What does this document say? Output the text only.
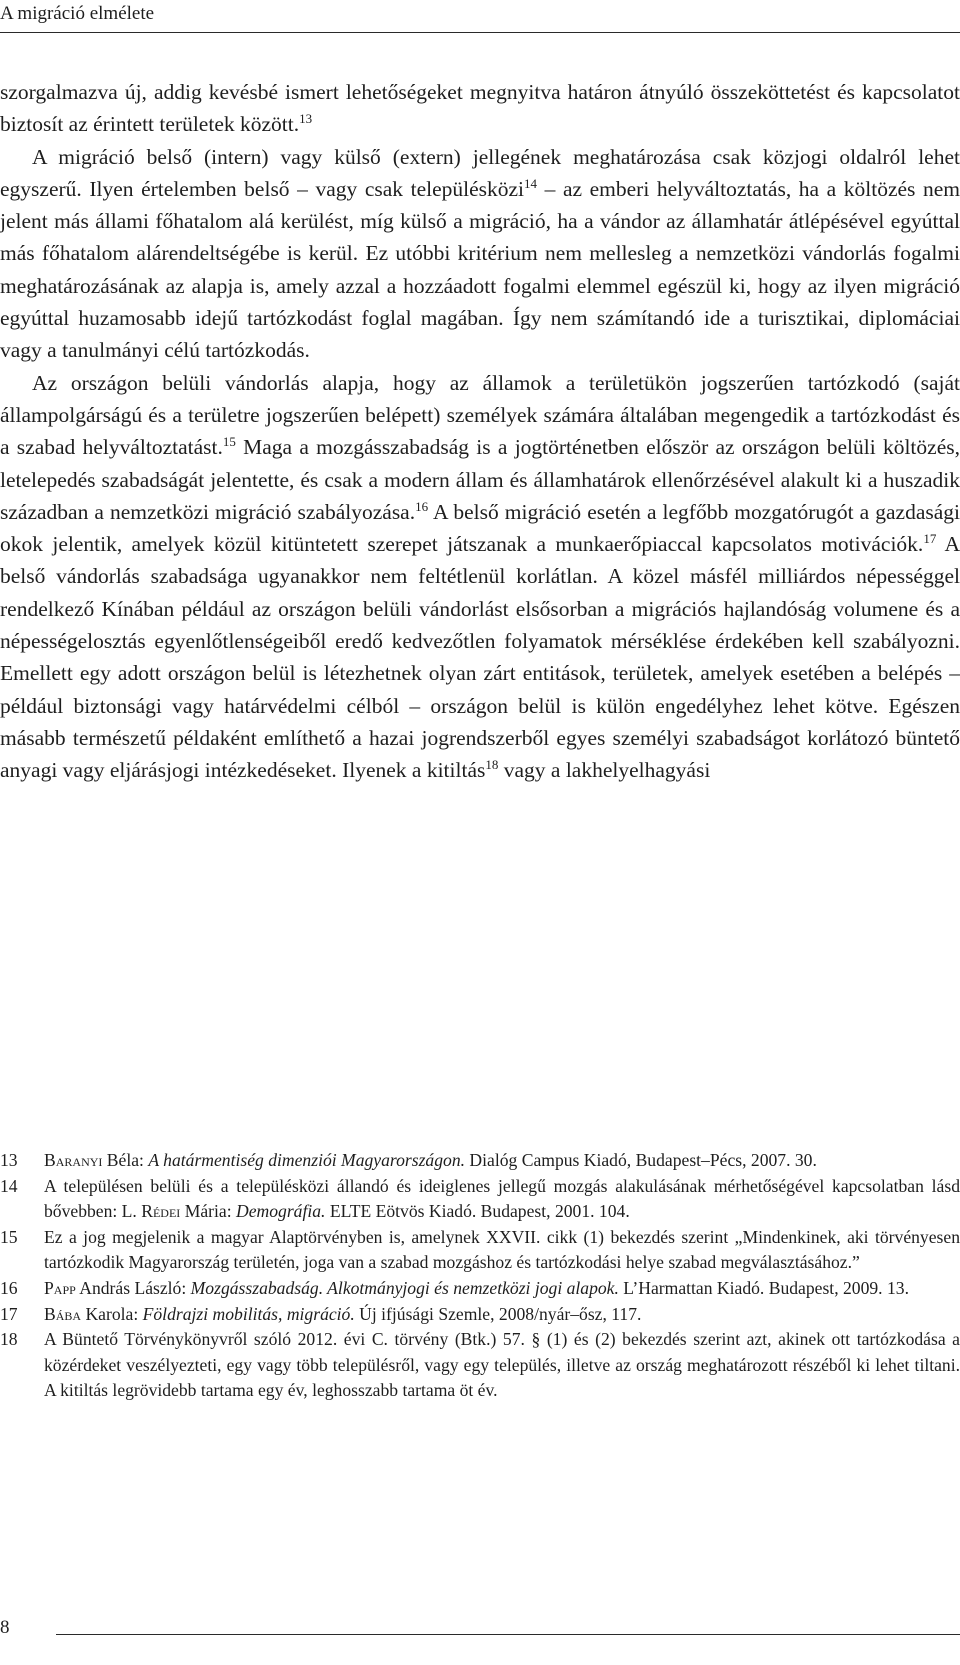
A migráció elmélete

szorgalmazva új, addig kevésbé ismert lehetőségeket megnyitva határon átnyúló összeköttetést és kapcsolatot biztosít az érintett területek között.$^{13}$

A migráció belső (intern) vagy külső (extern) jellegének meghatározása csak közjogi oldalról lehet egyszerű. Ilyen értelemben belső – vagy csak településközi$^{14}$ – az emberi helyváltoztatás, ha a költözés nem jelent más állami főhatalom alá kerülést, míg külső a migráció, ha a vándor az államhatár átlépésével egyúttal más főhatalom alárendeltségébe is kerül. Ez utóbbi kritérium nem mellesleg a nemzetközi vándorlás fogalmi meghatározásának az alapja is, amely azzal a hozzáadott fogalmi elemmel egészül ki, hogy az ilyen migráció egyúttal huzamosabb idejű tartózkodást foglal magában. Így nem számítandó ide a turisztikai, diplomáciai vagy a tanulmányi célú tartózkodás.

Az országon belüli vándorlás alapja, hogy az államok a területükön jogszerűen tartózkodó (saját állampolgárságú és a területre jogszerűen belépett) személyek számára általában megengedik a tartózkodást és a szabad helyváltoztatást.$^{15}$ Maga a mozgásszabadság is a jogtörténetben először az országon belüli költözés, letelepedés szabadságát jelentette, és csak a modern állam és államhatárok ellenőrzésével alakult ki a huszadik században a nemzetközi migráció szabályozása.$^{16}$ A belső migráció esetén a legfőbb mozgatórugót a gazdasági okok jelentik, amelyek közül kitüntetett szerepet játszanak a munkaerőpiaccal kapcsolatos motivációk.$^{17}$ A belső vándorlás szabadsága ugyanakkor nem feltétlenül korlátlan. A közel másfél milliárdos népességgel rendelkező Kínában például az országon belüli vándorlást elsősorban a migrációs hajlandóság volumene és a népességelosztás egyenlőtlenségeiből eredő kedvezőtlen folyamatok mérséklése érdekében kell szabályozni. Emellett egy adott országon belül is létezhetnek olyan zárt entitások, területek, amelyek esetében a belépés – például biztonsági vagy határvédelmi célból – országon belül is külön engedélyhez lehet kötve. Egészen másabb természetű példaként említhető a hazai jogrendszerből egyes személyi szabadságot korlátozó büntető anyagi vagy eljárásjogi intézkedéseket. Ilyenek a kitiltás$^{18}$ vagy a lakhelyelhagyási

13	Baranyi Béla: A határmentiség dimenziói Magyarországon. Dialóg Campus Kiadó, Budapest–Pécs, 2007. 30.
14	A településen belüli és a településközi állandó és ideiglenes jellegű mozgás alakulásának mérhetőségével kapcsolatban lásd bővebben: L. Rédei Mária: Demográfia. ELTE Eötvös Kiadó. Budapest, 2001. 104.
15	Ez a jog megjelenik a magyar Alaptörvényben is, amelynek XXVII. cikk (1) bekezdés szerint „Mindenkinek, aki törvényesen tartózkodik Magyarország területén, joga van a szabad mozgáshoz és tartózkodási helye szabad megválasztásához.”
16	Papp András László: Mozgásszabadság. Alkotmányjogi és nemzetközi jogi alapok. L’Harmattan Kiadó. Budapest, 2009. 13.
17	Bába Karola: Földrajzi mobilitás, migráció. Új ifjúsági Szemle, 2008/nyár–ősz, 117.
18	A Büntető Törvénykönyvről szóló 2012. évi C. törvény (Btk.) 57. § (1) és (2) bekezdés szerint azt, akinek ott tartózkodása a közérdeket veszélyezteti, egy vagy több településről, vagy egy település, illetve az ország meghatározott részéből ki lehet tiltani. A kitiltás legrövidebb tartama egy év, leghosszabb tartama öt év.
8
